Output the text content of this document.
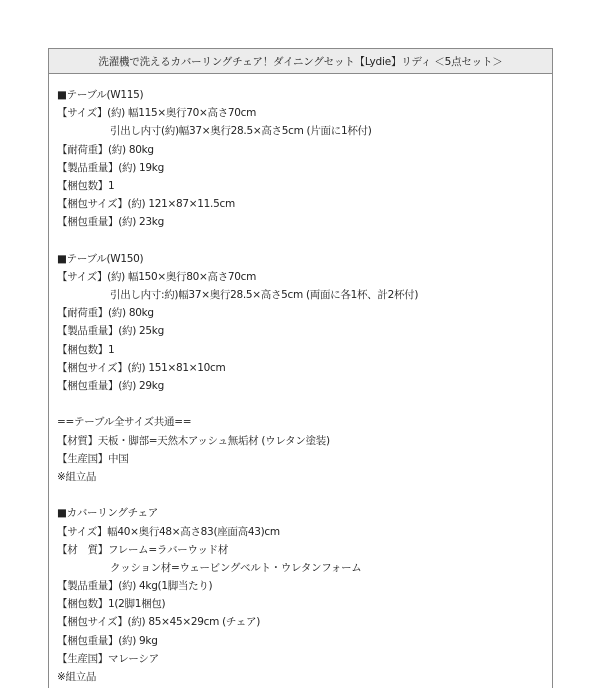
洗濯機で洗えるカバーリングチェア！ダイニングセット【Lydie】リディ ＜5点セット＞
■テーブル(W115)
【サイズ】(約) 幅115×奥行70×高さ70cm
引出し内寸(約)幅37×奥行28.5×高さ5cm (片面に1杯付)
【耐荷重】(約) 80kg
【製品重量】(約) 19kg
【梱包数】1
【梱包サイズ】(約) 121×87×11.5cm
【梱包重量】(約) 23kg
■テーブル(W150)
【サイズ】(約) 幅150×奥行80×高さ70cm
引出し内寸:約)幅37×奥行28.5×高さ5cm (両面に各1杯、計2杯付)
【耐荷重】(約) 80kg
【製品重量】(約) 25kg
【梱包数】1
【梱包サイズ】(約) 151×81×10cm
【梱包重量】(約) 29kg
==テーブル全サイズ共通==
【材質】天板・脚部=天然木アッシュ無垢材 (ウレタン塗装)
【生産国】中国
※組立品
■カバーリングチェア
【サイズ】幅40×奥行48×高さ83(座面高43)cm
【材　質】フレーム=ラバーウッド材
クッション材=ウェービングベルト・ウレタンフォーム
【製品重量】(約) 4kg(1脚当たり)
【梱包数】1(2脚1梱包)
【梱包サイズ】(約) 85×45×29cm (チェア)
【梱包重量】(約) 9kg
【生産国】マレーシア
※組立品
